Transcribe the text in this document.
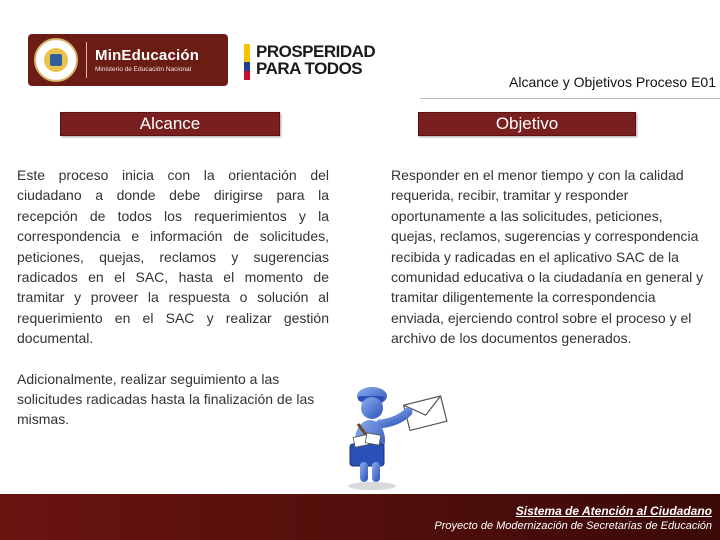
MinEducación
Ministerio de Educación Nacional
PROSPERIDAD
PARA TODOS
Alcance y Objetivos Proceso E01
Alcance	Objetivo

Este proceso inicia con la orientación del ciudadano a donde debe dirigirse para la recepción de todos los requerimientos y la correspondencia e información de solicitudes, peticiones, quejas, reclamos y sugerencias radicados en el SAC, hasta el momento de tramitar y proveer la respuesta o solución al requerimiento en el SAC y realizar gestión documental.

Adicionalmente, realizar seguimiento a las solicitudes radicadas hasta la finalización de las mismas.

Responder en el menor tiempo y con la calidad requerida, recibir, tramitar y responder oportunamente a las solicitudes, peticiones, quejas, reclamos, sugerencias y correspondencia recibida y radicadas en el aplicativo SAC de la comunidad educativa o la ciudadanía en general y tramitar diligentemente la correspondencia enviada, ejerciendo control sobre el proceso y el archivo de los documentos generados.

Sistema de Atención al Ciudadano
Proyecto de Modernización de Secretarías de Educación
